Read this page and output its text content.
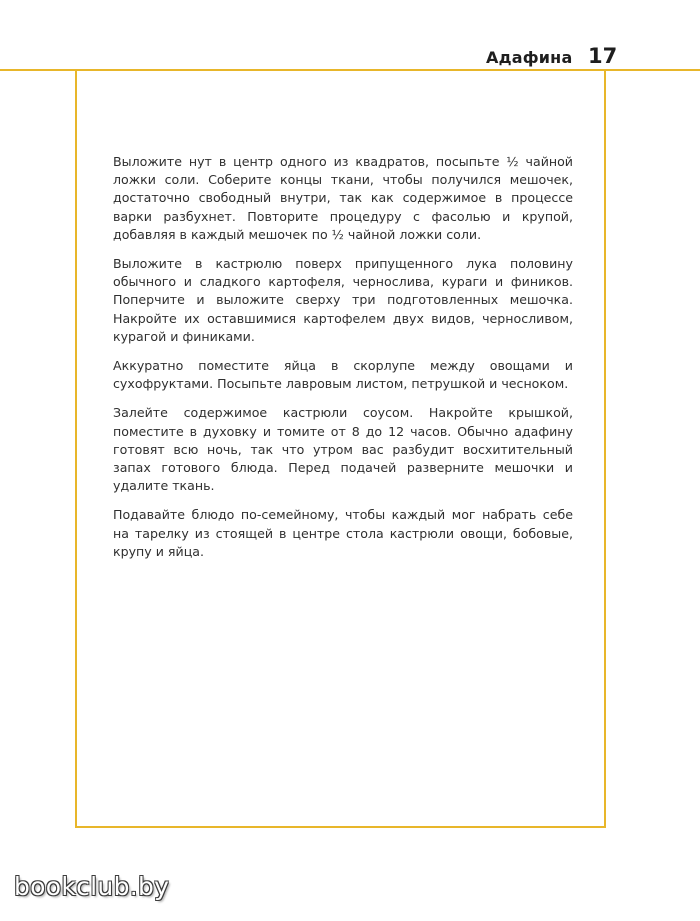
Адафина 17

Выложите нут в центр одного из квадратов, посыпьте ½ чайной ложки соли. Соберите концы ткани, чтобы получился мешочек, достаточно свободный внутри, так как содержимое в процессе варки разбухнет. Повторите процедуру с фасолью и крупой, добавляя в каждый мешочек по ½ чайной ложки соли.

Выложите в кастрюлю поверх припущенного лука половину обычного и сладкого картофеля, чернослива, кураги и фиников. Поперчите и выложите сверху три подготовленных мешочка. Накройте их оставшимися картофелем двух видов, черносливом, курагой и финиками.

Аккуратно поместите яйца в скорлупе между овощами и сухофруктами. Посыпьте лавровым листом, петрушкой и чесноком.

Залейте содержимое кастрюли соусом. Накройте крышкой, поместите в духовку и томите от 8 до 12 часов. Обычно адафину готовят всю ночь, так что утром вас разбудит восхитительный запах готового блюда. Перед подачей разверните мешочки и удалите ткань.

Подавайте блюдо по-семейному, чтобы каждый мог набрать себе на тарелку из стоящей в центре стола кастрюли овощи, бобовые, крупу и яйца.

bookclub.by
